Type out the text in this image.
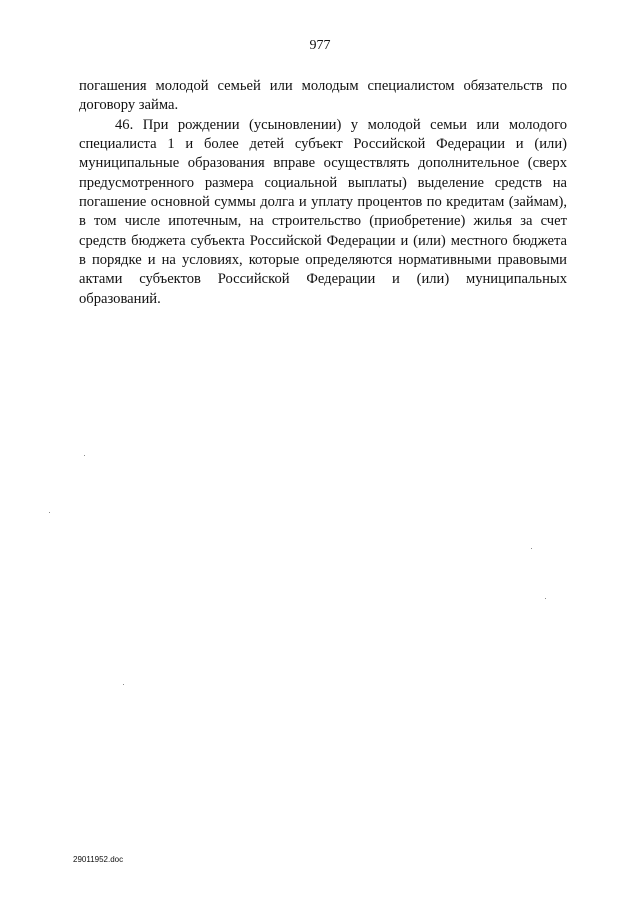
977

погашения молодой семьей или молодым специалистом обязательств по договору займа.

46. При рождении (усыновлении) у молодой семьи или молодого специалиста 1 и более детей субъект Российской Федерации и (или) муниципальные образования вправе осуществлять дополнительное (сверх предусмотренного размера социальной выплаты) выделение средств на погашение основной суммы долга и уплату процентов по кредитам (займам), в том числе ипотечным, на строительство (приобретение) жилья за счет средств бюджета субъекта Российской Федерации и (или) местного бюджета в порядке и на условиях, которые определяются нормативными правовыми актами субъектов Российской Федерации и (или) муниципальных образований.

29011952.doc
